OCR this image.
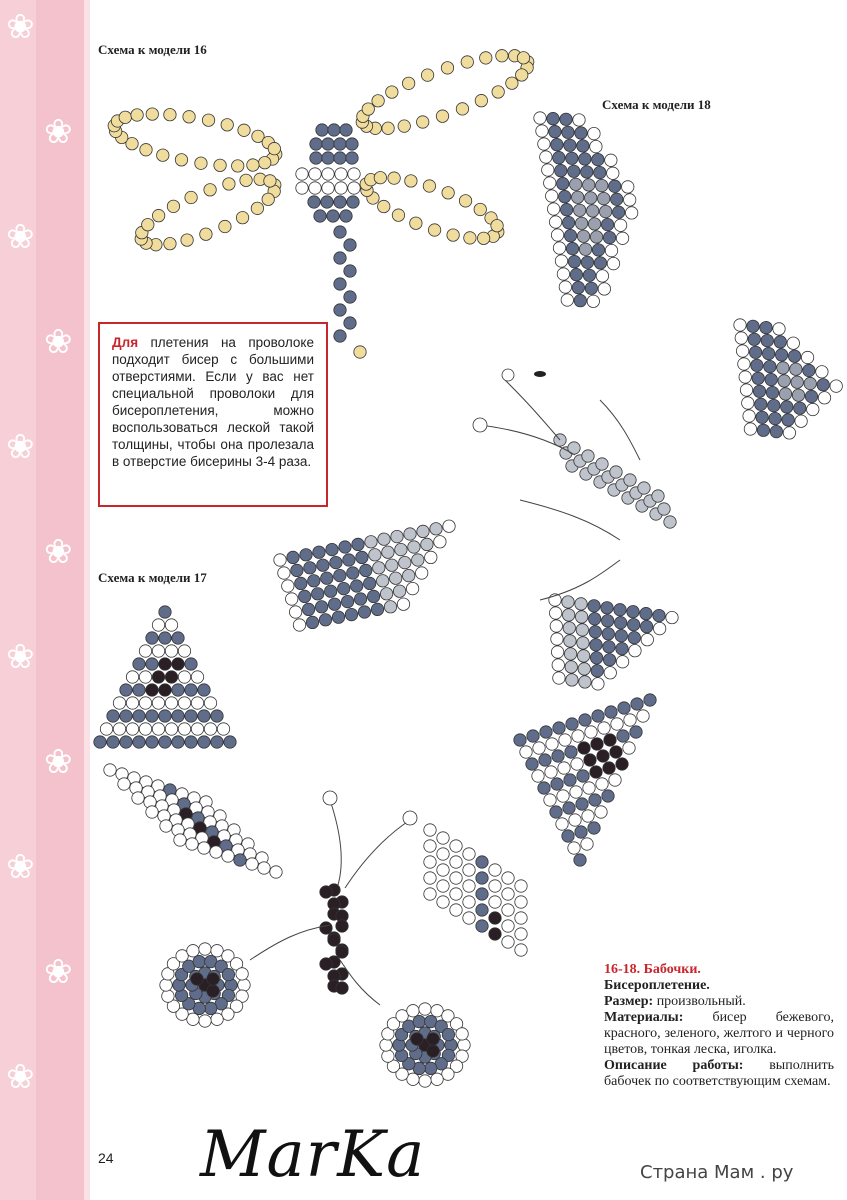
❀
❀
❀
❀
❀
❀
❀
❀
❀
❀
❀
Схема к модели 16
Схема к модели 18
Схема к модели 17
Для плетения на проволоке подходит бисер с большими отверстиями. Если у вас нет специальной проволоки для бисероплетения, можно воспользоваться леской такой толщины, чтобы она пролезала в отверстие бисерины 3-4 раза.
16-18. Бабочки.
Бисероплетение.
Размер: произвольный.
Материалы: бисер бежевого, красного, зеленого, желтого и черного цветов, тонкая леска, иголка.
Описание работы: выполнить бабочек по соответствующим схемам.
24 MarKa	Страна Мам . ру
